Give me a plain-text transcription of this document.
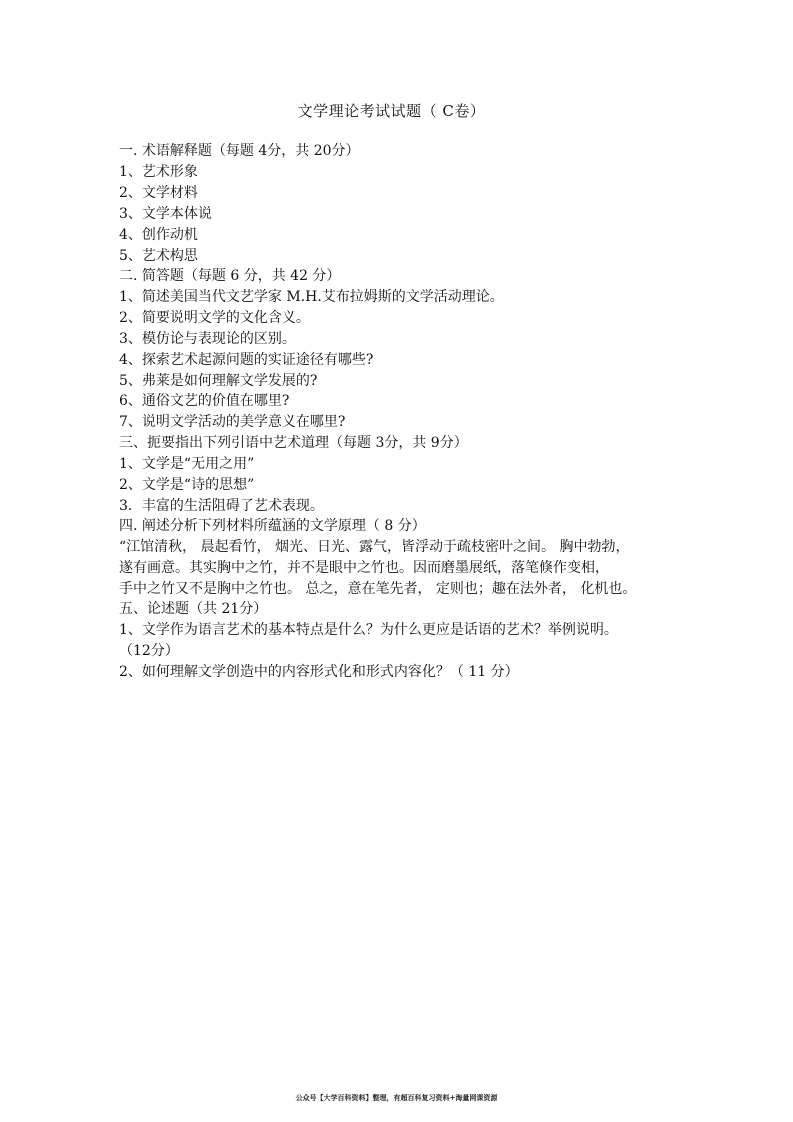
文学理论考试试题（ C卷）
一. 术语解释题（每题 4分，共 20分）
1、艺术形象
2、文学材料
3、文学本体说
4、创作动机
5、艺术构思
二. 简答题（每题 6 分，共 42 分）
1、简述美国当代文艺学家 M.H.艾布拉姆斯的文学活动理论。
2、简要说明文学的文化含义。
3、模仿论与表现论的区别。
4、探索艺术起源问题的实证途径有哪些?
5、弗莱是如何理解文学发展的?
6、通俗文艺的价值在哪里?
7、说明文学活动的美学意义在哪里?
三、扼要指出下列引语中艺术道理（每题 3分，共 9分）
1、文学是“无用之用”
2、文学是“诗的思想”
3．丰富的生活阻碍了艺术表现。
四. 阐述分析下列材料所蕴涵的文学原理（ 8 分）
“江馆清秋， 晨起看竹， 烟光、日光、露气，皆浮动于疏枝密叶之间。 胸中勃勃，
遂有画意。其实胸中之竹，并不是眼中之竹也。因而磨墨展纸，落笔倏作变相，
手中之竹又不是胸中之竹也。 总之，意在笔先者， 定则也；趣在法外者， 化机也。
五、论述题（共 21分）
1、文学作为语言艺术的基本特点是什么？为什么更应是话语的艺术？举例说明。
（12分）
2、如何理解文学创造中的内容形式化和形式内容化？（ 11 分）
公众号【大学百科资料】整理，有超百科复习资料+海量网课资源
